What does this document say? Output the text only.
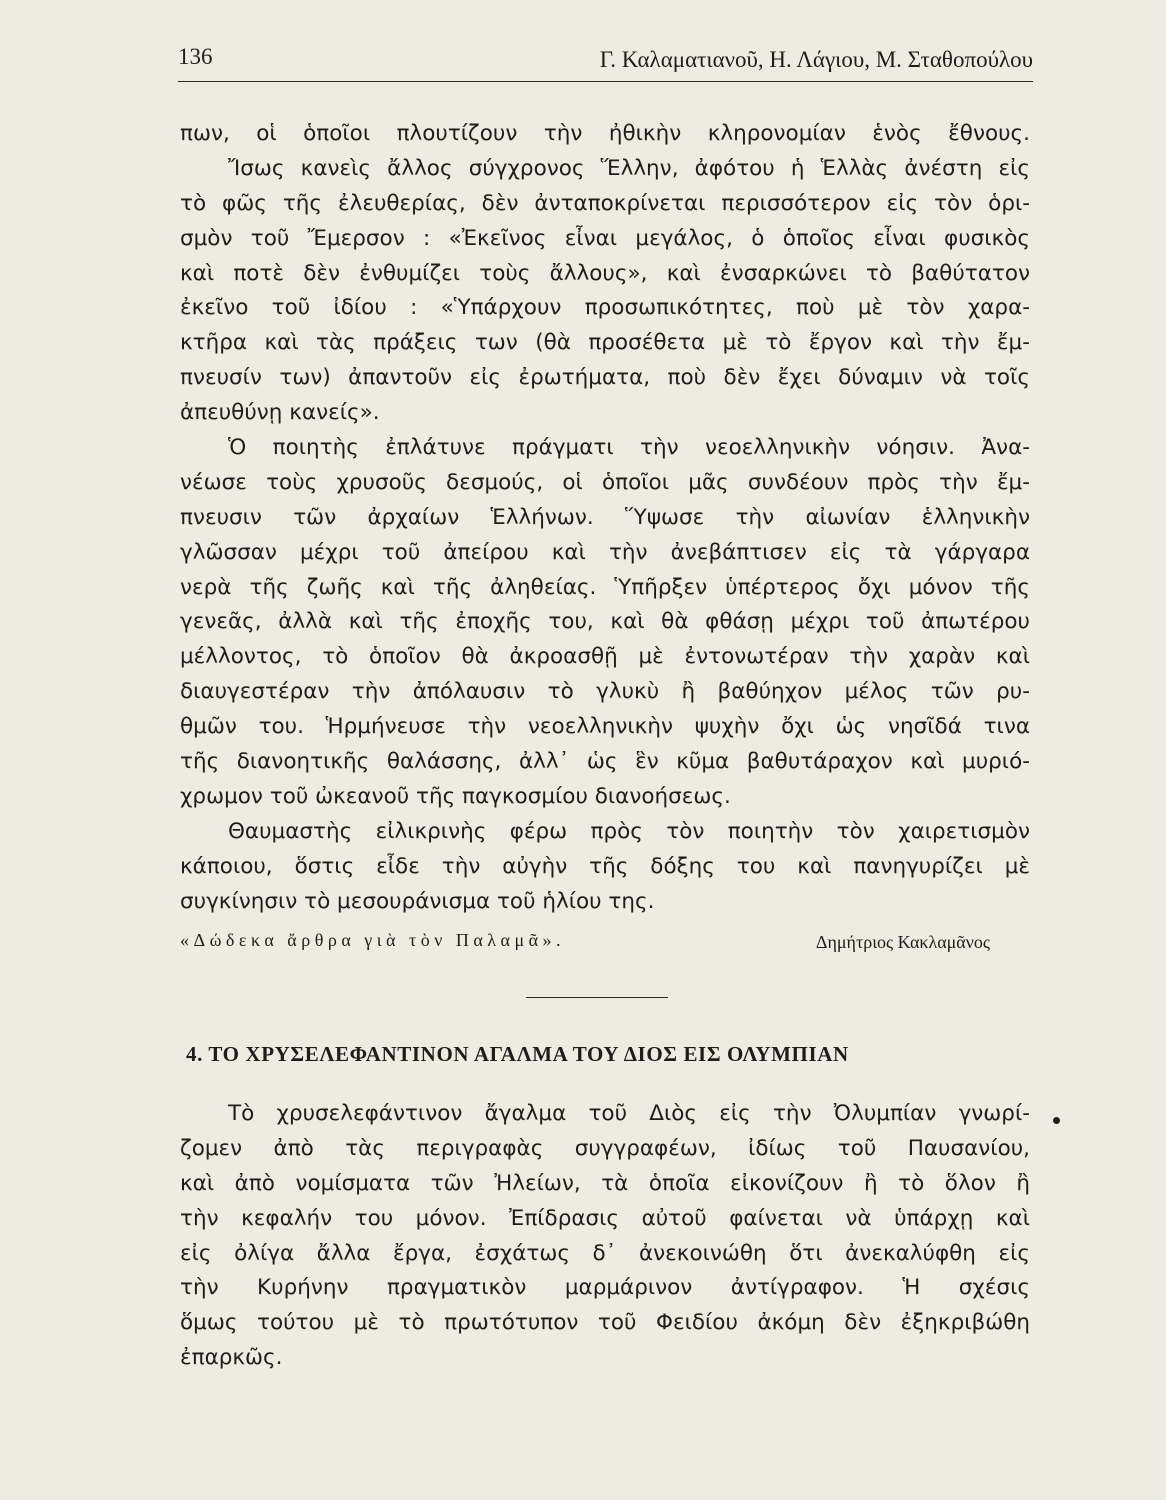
136	Γ. Καλαματιανοῦ, Η. Λάγιου, Μ. Σταθοπούλου
πων, οἱ ὁποῖοι πλουτίζουν τὴν ἠθικὴν κληρονομίαν ἑνὸς ἔθνους.
Ἴσως κανεὶς ἄλλος σύγχρονος Ἕλλην, ἀφότου ἡ Ἑλλὰς ἀνέστη εἰς
τὸ φῶς τῆς ἐλευθερίας, δὲν ἀνταποκρίνεται περισσότερον εἰς τὸν ὁρι-
σμὸν τοῦ Ἔμερσον : «Ἐκεῖνος εἶναι μεγάλος, ὁ ὁποῖος εἶναι φυσικὸς
καὶ ποτὲ δὲν ἐνθυμίζει τοὺς ἄλλους», καὶ ἐνσαρκώνει τὸ βαθύτατον
ἐκεῖνο τοῦ ἰδίου : «Ὑπάρχουν προσωπικότητες, ποὺ μὲ τὸν χαρα-
κτῆρα καὶ τὰς πράξεις των (θὰ προσέθετα μὲ τὸ ἔργον καὶ τὴν ἔμ-
πνευσίν των) ἀπαντοῦν εἰς ἐρωτήματα, ποὺ δὲν ἔχει δύναμιν νὰ τοῖς
ἀπευθύνῃ κανείς».
Ὁ ποιητὴς ἐπλάτυνε πράγματι τὴν νεοελληνικὴν νόησιν. Ἀνα-
νέωσε τοὺς χρυσοῦς δεσμούς, οἱ ὁποῖοι μᾶς συνδέουν πρὸς τὴν ἔμ-
πνευσιν τῶν ἀρχαίων Ἑλλήνων. Ὕψωσε τὴν αἰωνίαν ἑλληνικὴν
γλῶσσαν μέχρι τοῦ ἀπείρου καὶ τὴν ἀνεβάπτισεν εἰς τὰ γάργαρα
νερὰ τῆς ζωῆς καὶ τῆς ἀληθείας. Ὑπῆρξεν ὑπέρτερος ὄχι μόνον τῆς
γενεᾶς, ἀλλὰ καὶ τῆς ἐποχῆς του, καὶ θὰ φθάσῃ μέχρι τοῦ ἀπωτέρου
μέλλοντος, τὸ ὁποῖον θὰ ἀκροασθῇ μὲ ἐντονωτέραν τὴν χαρὰν καὶ
διαυγεστέραν τὴν ἀπόλαυσιν τὸ γλυκὺ ἢ βαθύηχον μέλος τῶν ρυ-
θμῶν του. Ἡρμήνευσε τὴν νεοελληνικὴν ψυχὴν ὄχι ὡς νησῖδά τινα
τῆς διανοητικῆς θαλάσσης, ἀλλ᾿ ὡς ἓν κῦμα βαθυτάραχον καὶ μυριό-
χρωμον τοῦ ὠκεανοῦ τῆς παγκοσμίου διανοήσεως.
Θαυμαστὴς εἰλικρινὴς φέρω πρὸς τὸν ποιητὴν τὸν χαιρετισμὸν
κάποιου, ὅστις εἶδε τὴν αὐγὴν τῆς δόξης του καὶ πανηγυρίζει μὲ
συγκίνησιν τὸ μεσουράνισμα τοῦ ἡλίου της.
«Δώδεκα ἄρθρα γιὰ τὸν Παλαμᾶ».	Δημήτριος Κακλαμᾶνος
4. ΤΟ ΧΡΥΣΕΛΕΦΑΝΤΙΝΟΝ ΑΓΑΛΜΑ ΤΟΥ ΔΙΟΣ ΕΙΣ ΟΛΥΜΠΙΑΝ
Τὸ χρυσελεφάντινον ἄγαλμα τοῦ Διὸς εἰς τὴν Ὀλυμπίαν γνωρί-
ζομεν ἀπὸ τὰς περιγραφὰς συγγραφέων, ἰδίως τοῦ Παυσανίου,
καὶ ἀπὸ νομίσματα τῶν Ἠλείων, τὰ ὁποῖα εἰκονίζουν ἢ τὸ ὅλον ἢ
τὴν κεφαλήν του μόνον. Ἐπίδρασις αὐτοῦ φαίνεται νὰ ὑπάρχῃ καὶ
εἰς ὀλίγα ἄλλα ἔργα, ἐσχάτως δ᾿ ἀνεκοινώθη ὅτι ἀνεκαλύφθη εἰς
τὴν Κυρήνην πραγματικὸν μαρμάρινον ἀντίγραφον. Ἡ σχέσις
ὅμως τούτου μὲ τὸ πρωτότυπον τοῦ Φειδίου ἀκόμη δὲν ἐξηκριβώθη
ἐπαρκῶς.
